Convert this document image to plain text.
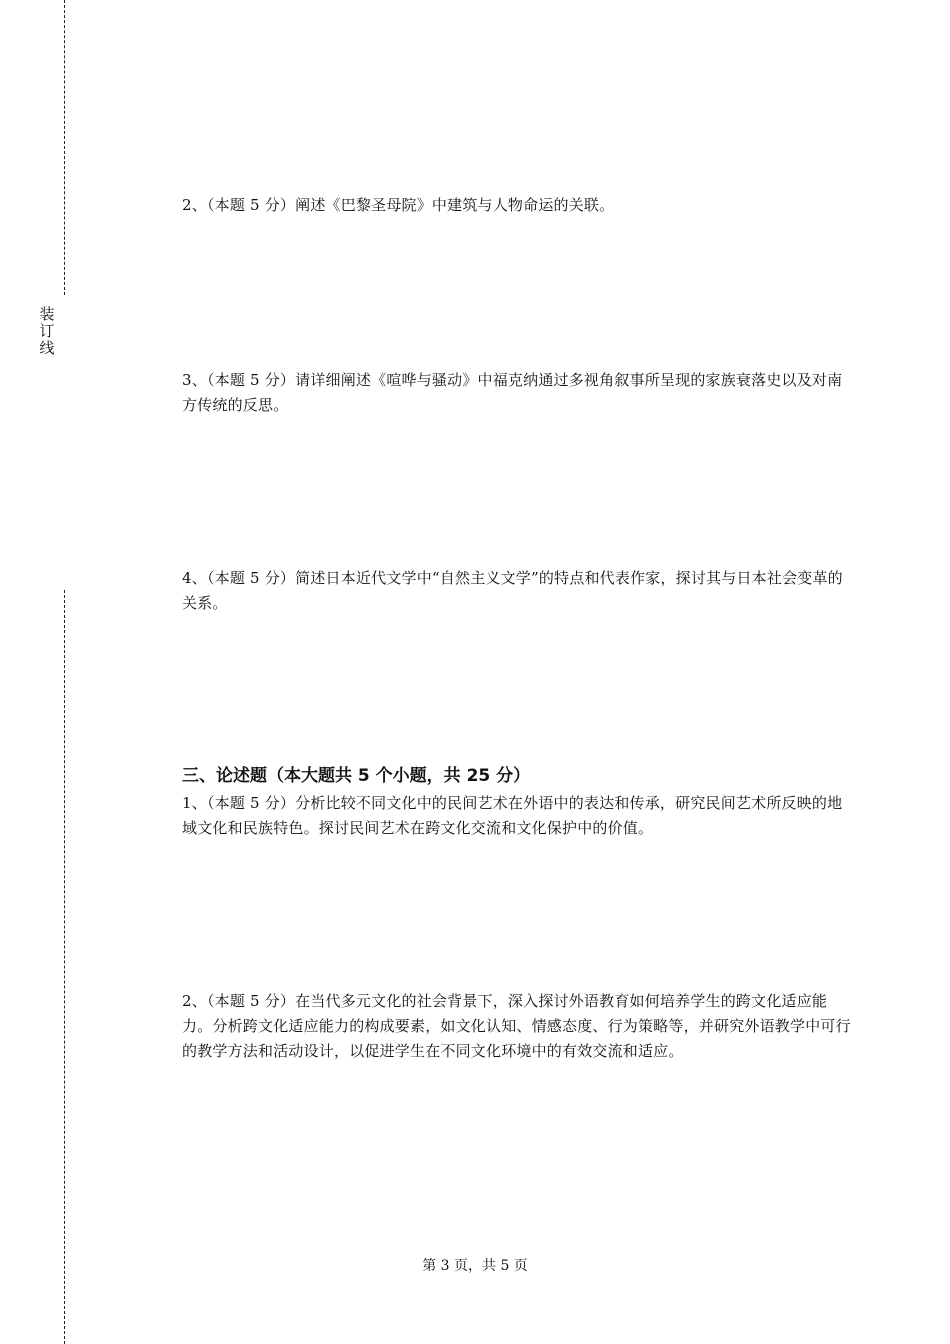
装
订
线

2、（本题 5 分）阐述《巴黎圣母院》中建筑与人物命运的关联。

3、（本题 5 分）请详细阐述《喧哗与骚动》中福克纳通过多视角叙事所呈现的家族衰落史以及对南方传统的反思。

4、（本题 5 分）简述日本近代文学中“自然主义文学”的特点和代表作家，探讨其与日本社会变革的关系。

三、论述题（本大题共 5 个小题，共 25 分）

1、（本题 5 分）分析比较不同文化中的民间艺术在外语中的表达和传承，研究民间艺术所反映的地域文化和民族特色。探讨民间艺术在跨文化交流和文化保护中的价值。

2、（本题 5 分）在当代多元文化的社会背景下，深入探讨外语教育如何培养学生的跨文化适应能力。分析跨文化适应能力的构成要素，如文化认知、情感态度、行为策略等，并研究外语教学中可行的教学方法和活动设计，以促进学生在不同文化环境中的有效交流和适应。

第 3 页，共 5 页
